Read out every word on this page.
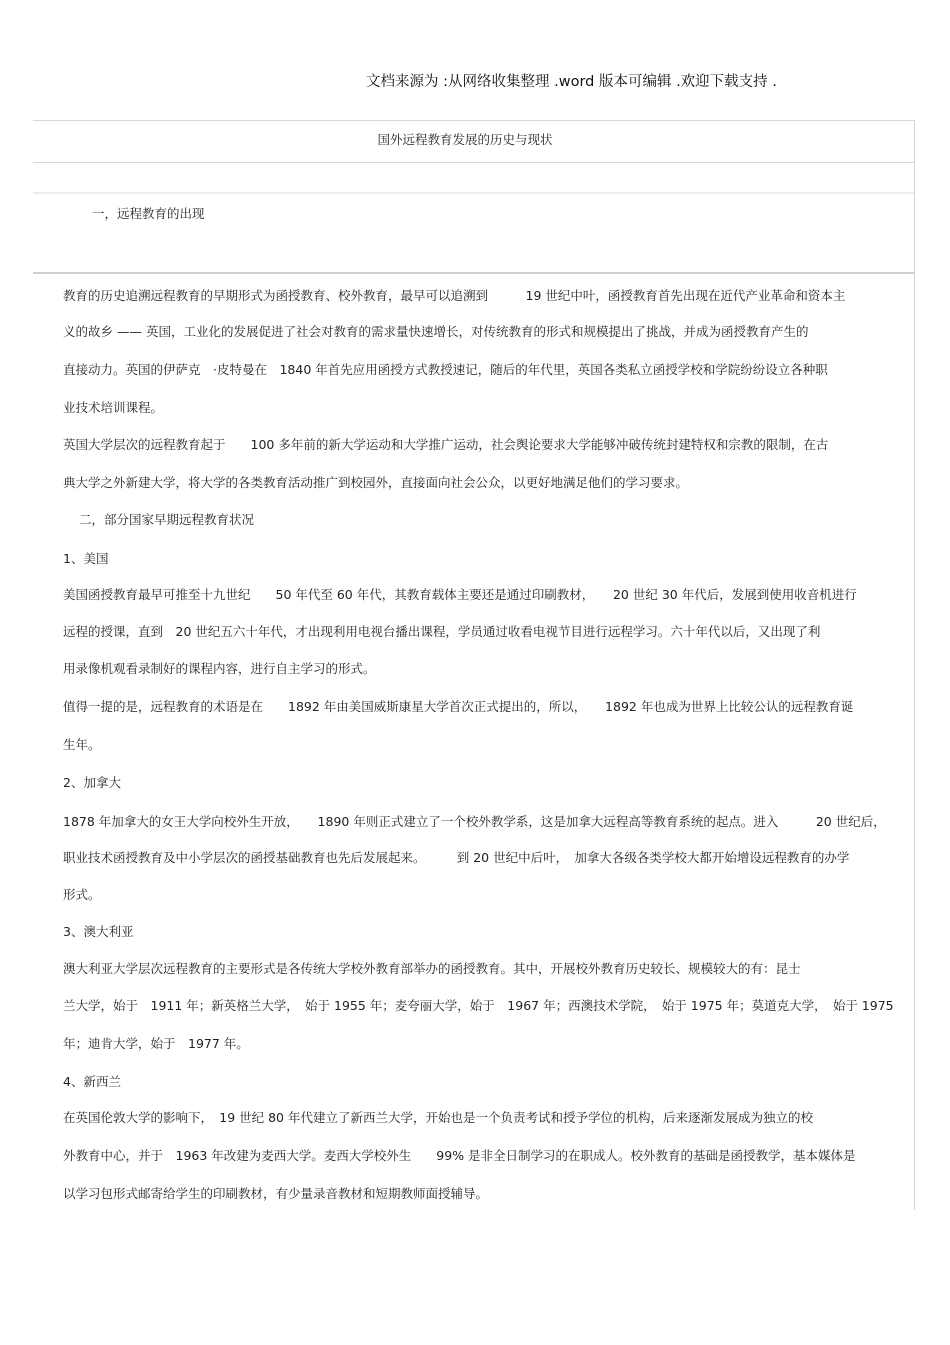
文档来源为 :从网络收集整理 .word 版本可编辑 .欢迎下载支持 .
国外远程教育发展的历史与现状
一，远程教育的出现
教育的历史追溯远程教育的早期形式为函授教育、校外教育，最早可以追溯到　　　19 世纪中叶，函授教育首先出现在近代产业革命和资本主
义的故乡 —— 英国，工业化的发展促进了社会对教育的需求量快速增长，对传统教育的形式和规模提出了挑战，并成为函授教育产生的
直接动力。英国的伊萨克　·皮特曼在　1840 年首先应用函授方式教授速记，随后的年代里，英国各类私立函授学校和学院纷纷设立各种职
业技术培训课程。
英国大学层次的远程教育起于　　100 多年前的新大学运动和大学推广运动，社会舆论要求大学能够冲破传统封建特权和宗教的限制，在古
典大学之外新建大学，将大学的各类教育活动推广到校园外，直接面向社会公众，以更好地满足他们的学习要求。
二，部分国家早期远程教育状况
1、美国
美国函授教育最早可推至十九世纪　　50 年代至 60 年代，其教育载体主要还是通过印刷教材，　　20 世纪 30 年代后，发展到使用收音机进行
远程的授课，直到　20 世纪五六十年代，才出现利用电视台播出课程，学员通过收看电视节目进行远程学习。六十年代以后，又出现了利
用录像机观看录制好的课程内容，进行自主学习的形式。
值得一提的是，远程教育的术语是在　　1892 年由美国威斯康星大学首次正式提出的，所以，　　1892 年也成为世界上比较公认的远程教育诞
生年。
2、加拿大
1878 年加拿大的女王大学向校外生开放，　　1890 年则正式建立了一个校外教学系，这是加拿大远程高等教育系统的起点。进入　　　20 世纪后，
职业技术函授教育及中小学层次的函授基础教育也先后发展起来。　　　到 20 世纪中后叶，　加拿大各级各类学校大都开始增设远程教育的办学
形式。
3、澳大利亚
澳大利亚大学层次远程教育的主要形式是各传统大学校外教育部举办的函授教育。其中，开展校外教育历史较长、规模较大的有：昆士
兰大学，始于　1911 年；新英格兰大学，　始于 1955 年；麦夸丽大学，始于　1967 年；西澳技术学院，　始于 1975 年；莫道克大学，　始于 1975
年；迪肯大学，始于　1977 年。
4、新西兰
在英国伦敦大学的影响下，　19 世纪 80 年代建立了新西兰大学，开始也是一个负责考试和授予学位的机构，后来逐渐发展成为独立的校
外教育中心，并于　1963 年改建为麦西大学。麦西大学校外生　　99% 是非全日制学习的在职成人。校外教育的基础是函授教学，基本媒体是
以学习包形式邮寄给学生的印刷教材，有少量录音教材和短期教师面授辅导。
